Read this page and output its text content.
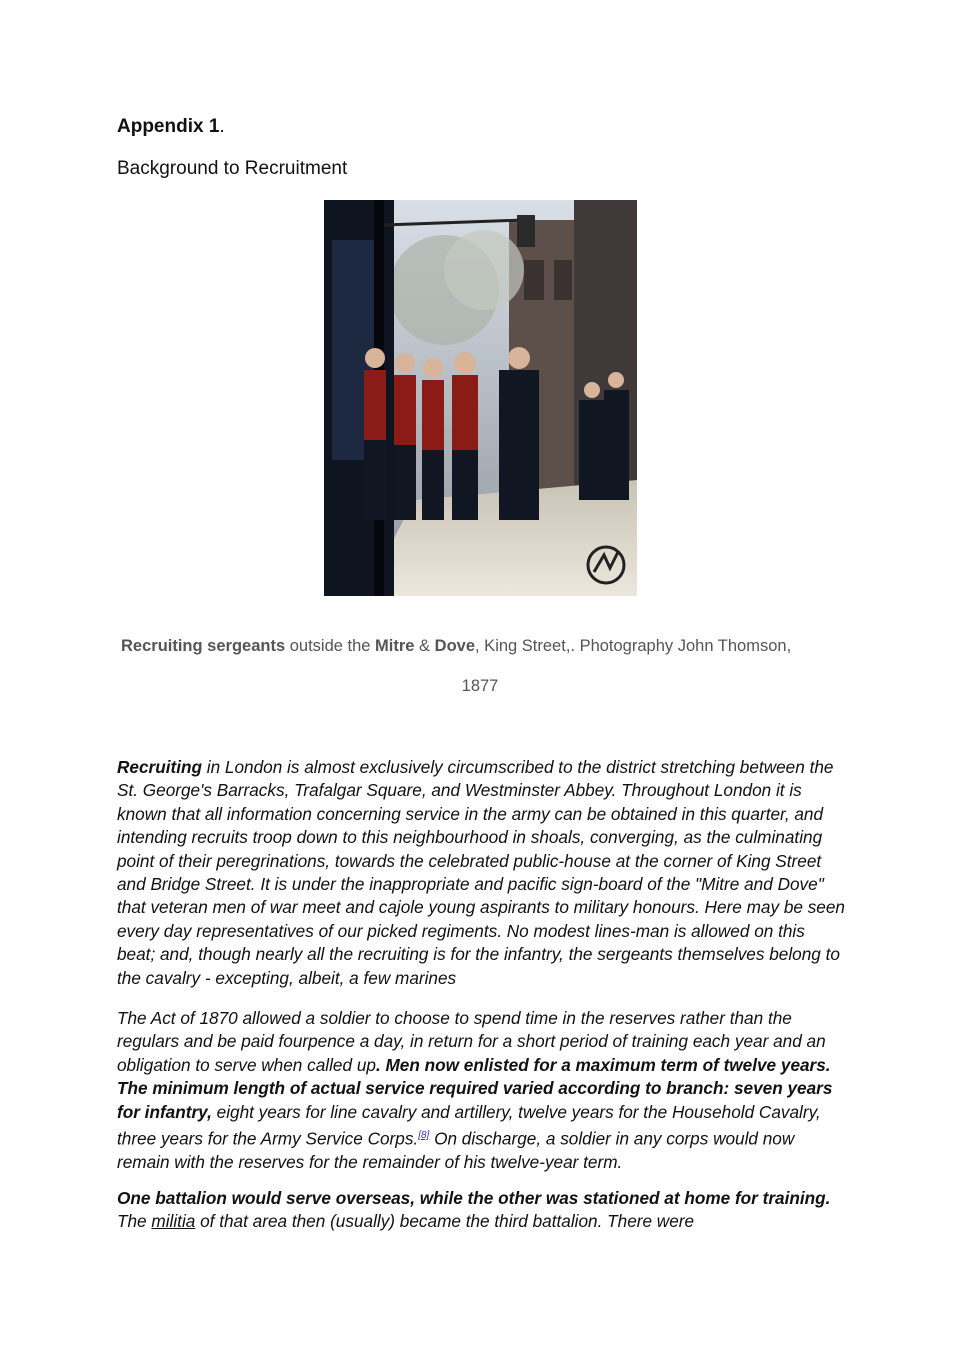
Appendix 1.
Background to Recruitment
Recruiting sergeants outside the Mitre & Dove, King Street,. Photography John Thomson,
1877
Recruiting in London is almost exclusively circumscribed to the district stretching between the St. George's Barracks, Trafalgar Square, and Westminster Abbey. Throughout London it is known that all information concerning service in the army can be obtained in this quarter, and intending recruits troop down to this neighbourhood in shoals, converging, as the culminating point of their peregrinations, towards the celebrated public-house at the corner of King Street and Bridge Street. It is under the inappropriate and pacific sign-board of the "Mitre and Dove" that veteran men of war meet and cajole young aspirants to military honours. Here may be seen every day representatives of our picked regiments. No modest lines-man is allowed on this beat; and, though nearly all the recruiting is for the infantry, the sergeants themselves belong to the cavalry - excepting, albeit, a few marines
The Act of 1870 allowed a soldier to choose to spend time in the reserves rather than the regulars and be paid fourpence a day, in return for a short period of training each year and an obligation to serve when called up. Men now enlisted for a maximum term of twelve years. The minimum length of actual service required varied according to branch: seven years for infantry, eight years for line cavalry and artillery, twelve years for the Household Cavalry, three years for the Army Service Corps.[8] On discharge, a soldier in any corps would now remain with the reserves for the remainder of his twelve-year term.
One battalion would serve overseas, while the other was stationed at home for training. The militia of that area then (usually) became the third battalion. There were
